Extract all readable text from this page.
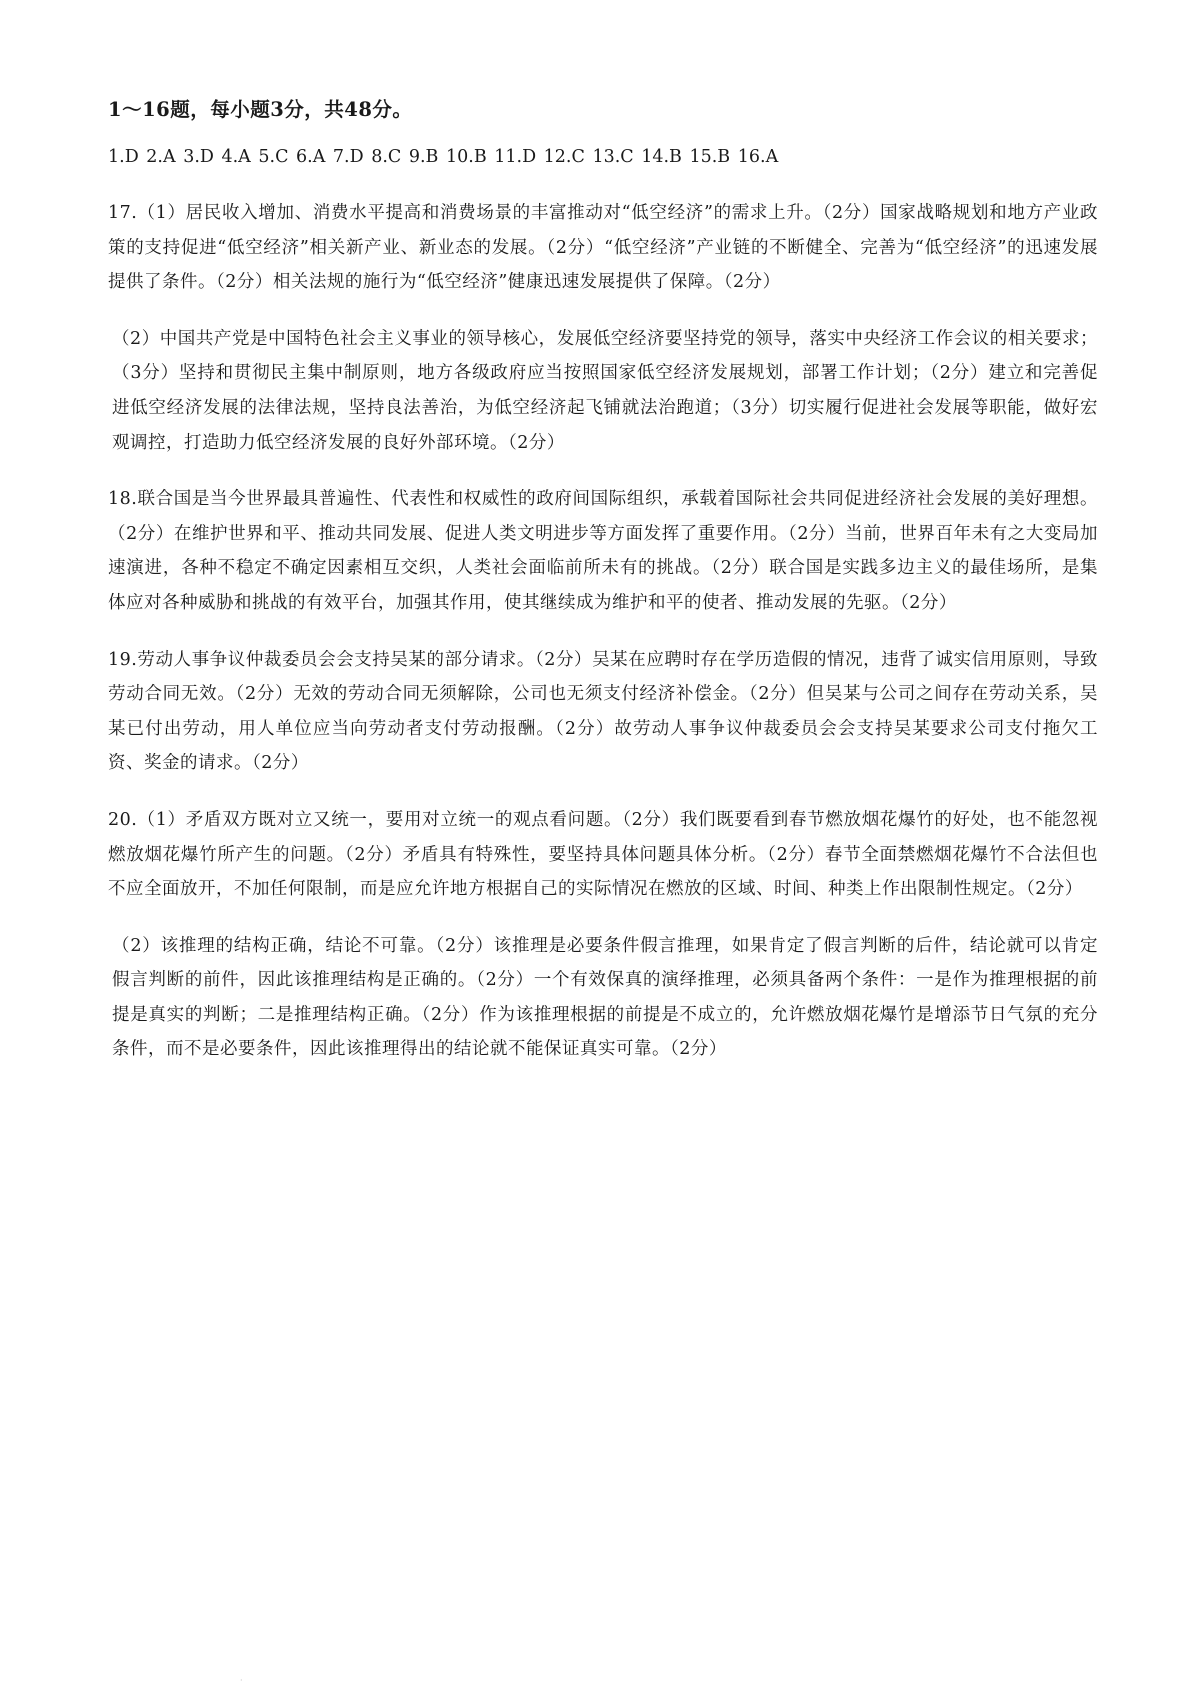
1～16题，每小题3分，共48分。
1.D 2.A 3.D 4.A 5.C 6.A 7.D 8.C 9.B 10.B 11.D 12.C 13.C 14.B 15.B 16.A

17.（1）居民收入增加、消费水平提高和消费场景的丰富推动对“低空经济”的需求上升。（2分）国家战略规划和地方产业政策的支持促进“低空经济”相关新产业、新业态的发展。（2分）“低空经济”产业链的不断健全、完善为“低空经济”的迅速发展提供了条件。（2分）相关法规的施行为“低空经济”健康迅速发展提供了保障。（2分）

（2）中国共产党是中国特色社会主义事业的领导核心，发展低空经济要坚持党的领导，落实中央经济工作会议的相关要求；（3分）坚持和贯彻民主集中制原则，地方各级政府应当按照国家低空经济发展规划，部署工作计划；（2分）建立和完善促进低空经济发展的法律法规，坚持良法善治，为低空经济起飞铺就法治跑道；（3分）切实履行促进社会发展等职能，做好宏观调控，打造助力低空经济发展的良好外部环境。（2分）

18.联合国是当今世界最具普遍性、代表性和权威性的政府间国际组织，承载着国际社会共同促进经济社会发展的美好理想。（2分）在维护世界和平、推动共同发展、促进人类文明进步等方面发挥了重要作用。（2分）当前，世界百年未有之大变局加速演进，各种不稳定不确定因素相互交织，人类社会面临前所未有的挑战。（2分）联合国是实践多边主义的最佳场所，是集体应对各种威胁和挑战的有效平台，加强其作用，使其继续成为维护和平的使者、推动发展的先驱。（2分）

19.劳动人事争议仲裁委员会会支持吴某的部分请求。（2分）吴某在应聘时存在学历造假的情况，违背了诚实信用原则，导致劳动合同无效。（2分）无效的劳动合同无须解除，公司也无须支付经济补偿金。（2分）但吴某与公司之间存在劳动关系，吴某已付出劳动，用人单位应当向劳动者支付劳动报酬。（2分）故劳动人事争议仲裁委员会会支持吴某要求公司支付拖欠工资、奖金的请求。（2分）

20.（1）矛盾双方既对立又统一，要用对立统一的观点看问题。（2分）我们既要看到春节燃放烟花爆竹的好处，也不能忽视燃放烟花爆竹所产生的问题。（2分）矛盾具有特殊性，要坚持具体问题具体分析。（2分）春节全面禁燃烟花爆竹不合法但也不应全面放开，不加任何限制，而是应允许地方根据自己的实际情况在燃放的区域、时间、种类上作出限制性规定。（2分）

（2）该推理的结构正确，结论不可靠。（2分）该推理是必要条件假言推理，如果肯定了假言判断的后件，结论就可以肯定假言判断的前件，因此该推理结构是正确的。（2分）一个有效保真的演绎推理，必须具备两个条件：一是作为推理根据的前提是真实的判断；二是推理结构正确。（2分）作为该推理根据的前提是不成立的，允许燃放烟花爆竹是增添节日气氛的充分条件，而不是必要条件，因此该推理得出的结论就不能保证真实可靠。（2分）

·
